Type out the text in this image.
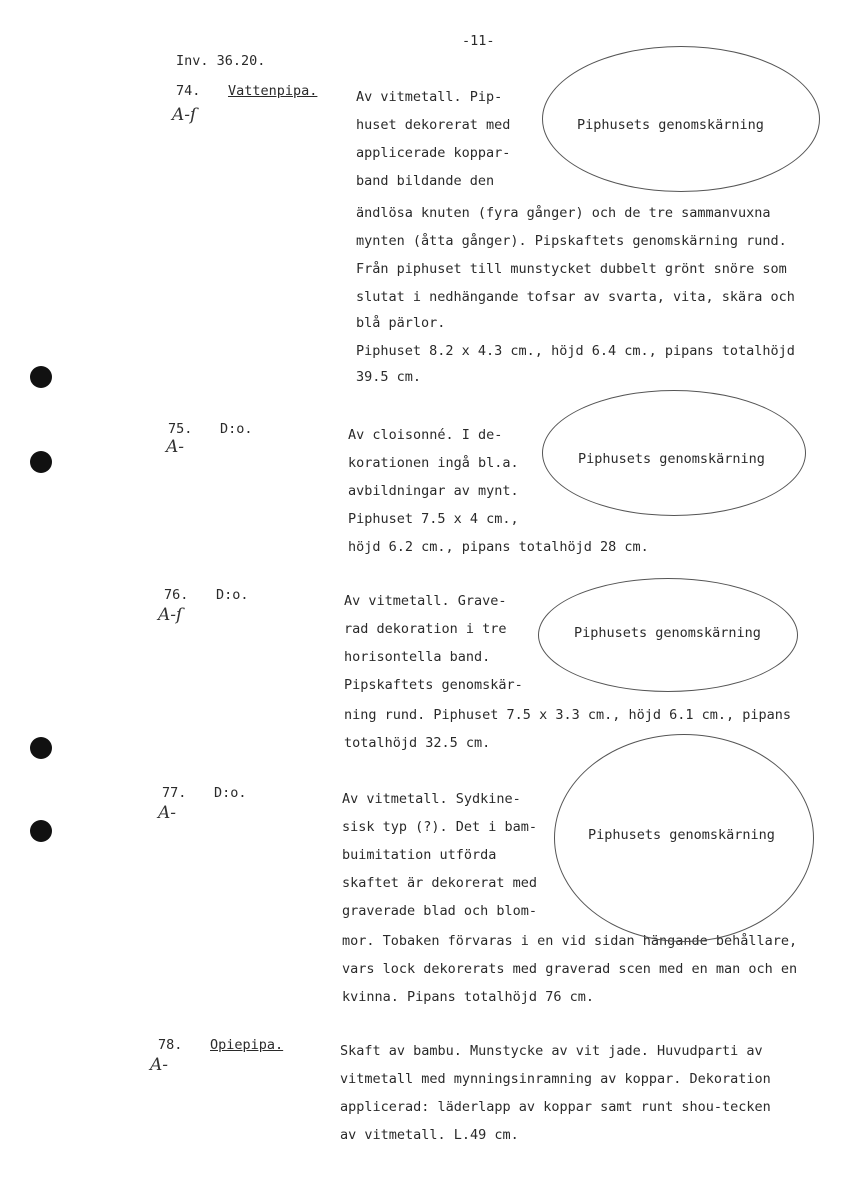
-11-
Inv. 36.20.
74. Vattenpipa.
A-ſ
Av vitmetall. Pip-
huset dekorerat med
applicerade koppar-
band bildande den
ändlösa knuten (fyra gånger) och de tre sammanvuxna
mynten (åtta gånger). Pipskaftets genomskärning rund.
Från piphuset till munstycket dubbelt grönt snöre som
slutat i nedhängande tofsar av svarta, vita, skära och
blå pärlor.
Piphuset 8.2 x 4.3 cm., höjd 6.4 cm., pipans totalhöjd
39.5 cm.
Piphusets genomskärning
75. D:o.
A-
Av cloisonné. I de-
korationen ingå bl.a.
avbildningar av mynt.
Piphuset 7.5 x 4 cm.,
höjd 6.2 cm., pipans totalhöjd 28 cm.
Piphusets genomskärning
76. D:o.
A-ſ
Av vitmetall. Grave-
rad dekoration i tre
horisontella band.
Pipskaftets genomskär-
ning rund. Piphuset 7.5 x 3.3 cm., höjd 6.1 cm., pipans
totalhöjd 32.5 cm.
Piphusets genomskärning
77. D:o.
A-
Av vitmetall. Sydkine-
sisk typ (?). Det i bam-
buimitation utförda
skaftet är dekorerat med
graverade blad och blom-
mor. Tobaken förvaras i en vid sidan hängande behållare,
vars lock dekorerats med graverad scen med en man och en
kvinna. Pipans totalhöjd 76 cm.
Piphusets genomskärning
78. Opiepipa.
A-
Skaft av bambu. Munstycke av vit jade. Huvudparti av
vitmetall med mynningsinramning av koppar. Dekoration
applicerad: läderlapp av koppar samt runt shou-tecken
av vitmetall. L.49 cm.
